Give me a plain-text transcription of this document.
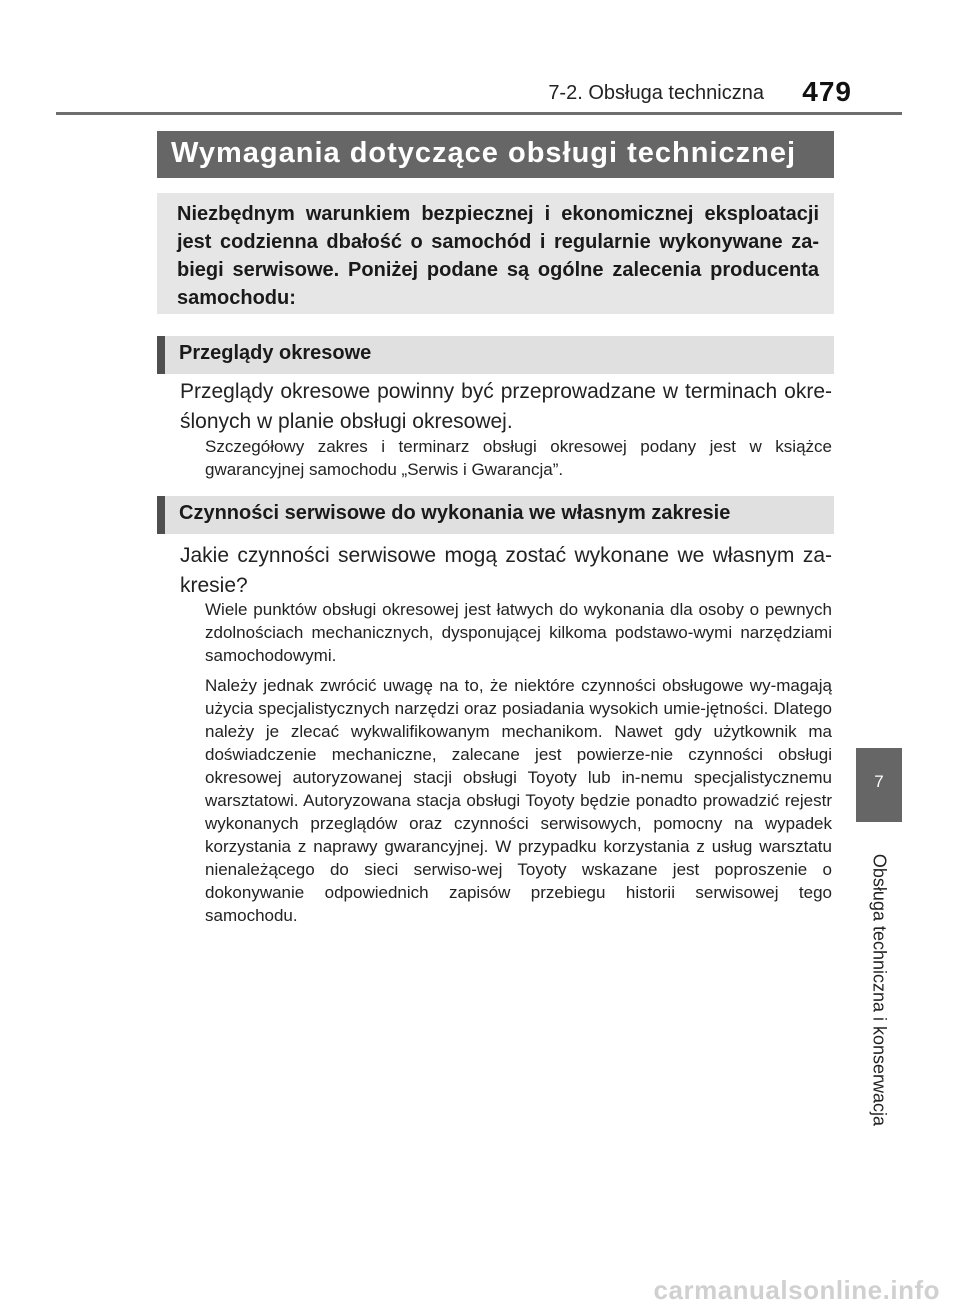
7-2. Obsługa techniczna	479
Wymagania dotyczące obsługi technicznej
Niezbędnym warunkiem bezpiecznej i ekonomicznej eksploatacji jest codzienna dbałość o samochód i regularnie wykonywane za-biegi serwisowe. Poniżej podane są ogólne zalecenia producenta samochodu:
Przeglądy okresowe
Przeglądy okresowe powinny być przeprowadzane w terminach okre-ślonych w planie obsługi okresowej.
Szczegółowy zakres i terminarz obsługi okresowej podany jest w książce gwarancyjnej samochodu „Serwis i Gwarancja”.
Czynności serwisowe do wykonania we własnym zakresie
Jakie czynności serwisowe mogą zostać wykonane we własnym za-kresie?
Wiele punktów obsługi okresowej jest łatwych do wykonania dla osoby o pewnych zdolnościach mechanicznych, dysponującej kilkoma podstawo-wymi narzędziami samochodowymi.
Należy jednak zwrócić uwagę na to, że niektóre czynności obsługowe wy-magają użycia specjalistycznych narzędzi oraz posiadania wysokich umie-jętności. Dlatego należy je zlecać wykwalifikowanym mechanikom. Nawet gdy użytkownik ma doświadczenie mechaniczne, zalecane jest powierze-nie czynności obsługi okresowej autoryzowanej stacji obsługi Toyoty lub in-nemu specjalistycznemu warsztatowi. Autoryzowana stacja obsługi Toyoty będzie ponadto prowadzić rejestr wykonanych przeglądów oraz czynności serwisowych, pomocny na wypadek korzystania z naprawy gwarancyjnej. W przypadku korzystania z usług warsztatu nienależącego do sieci serwiso-wej Toyoty wskazane jest poproszenie o dokonywanie odpowiednich zapisów przebiegu historii serwisowej tego samochodu.
7
Obsługa techniczna i konserwacja
carmanualsonline.info
